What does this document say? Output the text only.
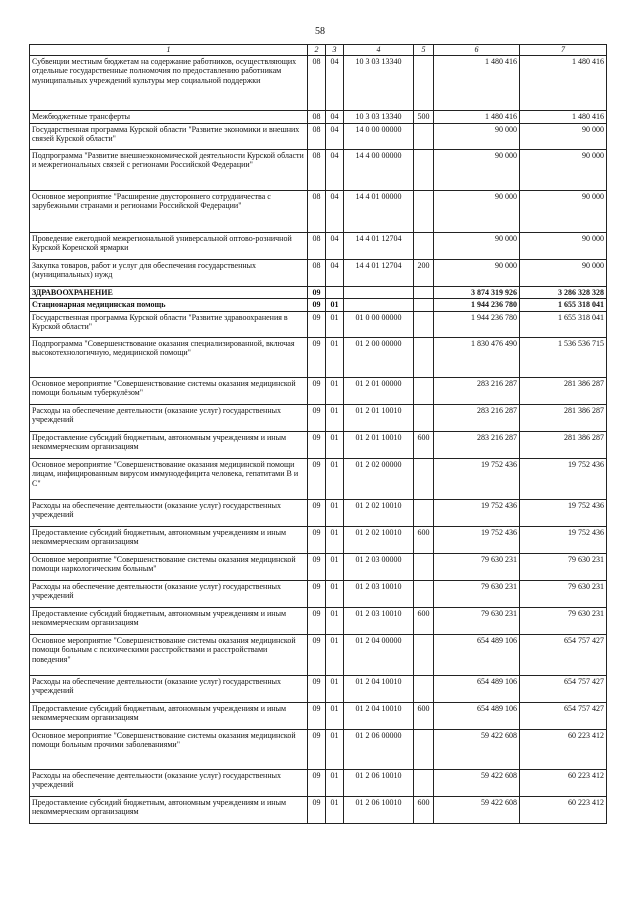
58
1	2	3	4	5	6	7
Субвенции местным бюджетам на содержание работников, осуществляющих отдельные государственные полномочия по предоставлению работникам муниципальных учреждений культуры мер социальной поддержки	08	04	10 3 03 13340		1 480 416	1 480 416
Межбюджетные трансферты	08	04	10 3 03 13340	500	1 480 416	1 480 416
Государственная программа Курской области "Развитие экономики и внешних связей Курской области"	08	04	14 0 00 00000		90 000	90 000
Подпрограмма "Развитие внешнеэкономической деятельности Курской области и межрегиональных связей с регионами Российской Федерации"	08	04	14 4 00 00000		90 000	90 000
Основное мероприятие "Расширение двустороннего сотрудничества с зарубежными странами и регионами Российской Федерации"	08	04	14 4 01 00000		90 000	90 000
Проведение ежегодной межрегиональной универсальной оптово-розничной Курской Коренской ярмарки	08	04	14 4 01 12704		90 000	90 000
Закупка товаров, работ и услуг для обеспечения государственных (муниципальных) нужд	08	04	14 4 01 12704	200	90 000	90 000
ЗДРАВООХРАНЕНИЕ	09				3 874 319 926	3 286 328 328
Стационарная медицинская помощь	09	01			1 944 236 780	1 655 318 041
Государственная программа Курской области "Развитие здравоохранения в Курской области"	09	01	01 0 00 00000		1 944 236 780	1 655 318 041
Подпрограмма "Совершенствование оказания специализированной, включая высокотехнологичную, медицинской помощи"	09	01	01 2 00 00000		1 830 476 490	1 536 536 715
Основное мероприятие "Совершенствование системы оказания медицинской помощи больным туберкулёзом"	09	01	01 2 01 00000		283 216 287	281 386 287
Расходы на обеспечение деятельности (оказание услуг) государственных учреждений	09	01	01 2 01 10010		283 216 287	281 386 287
Предоставление субсидий бюджетным, автономным учреждениям и иным некоммерческим организациям	09	01	01 2 01 10010	600	283 216 287	281 386 287
Основное мероприятие "Совершенствование оказания медицинской помощи лицам, инфицированным вирусом иммунодефицита человека, гепатитами B и C"	09	01	01 2 02 00000		19 752 436	19 752 436
Расходы на обеспечение деятельности (оказание услуг) государственных учреждений	09	01	01 2 02 10010		19 752 436	19 752 436
Предоставление субсидий бюджетным, автономным учреждениям и иным некоммерческим организациям	09	01	01 2 02 10010	600	19 752 436	19 752 436
Основное мероприятие "Совершенствование системы оказания медицинской помощи наркологическим больным"	09	01	01 2 03 00000		79 630 231	79 630 231
Расходы на обеспечение деятельности (оказание услуг) государственных учреждений	09	01	01 2 03 10010		79 630 231	79 630 231
Предоставление субсидий бюджетным, автономным учреждениям и иным некоммерческим организациям	09	01	01 2 03 10010	600	79 630 231	79 630 231
Основное мероприятие "Совершенствование системы оказания медицинской помощи больным с психическими расстройствами и расстройствами поведения"	09	01	01 2 04 00000		654 489 106	654 757 427
Расходы на обеспечение деятельности (оказание услуг) государственных учреждений	09	01	01 2 04 10010		654 489 106	654 757 427
Предоставление субсидий бюджетным, автономным учреждениям и иным некоммерческим организациям	09	01	01 2 04 10010	600	654 489 106	654 757 427
Основное мероприятие "Совершенствование системы оказания медицинской помощи больным прочими заболеваниями"	09	01	01 2 06 00000		59 422 608	60 223 412
Расходы на обеспечение деятельности (оказание услуг) государственных учреждений	09	01	01 2 06 10010		59 422 608	60 223 412
Предоставление субсидий бюджетным, автономным учреждениям и иным некоммерческим организациям	09	01	01 2 06 10010	600	59 422 608	60 223 412
